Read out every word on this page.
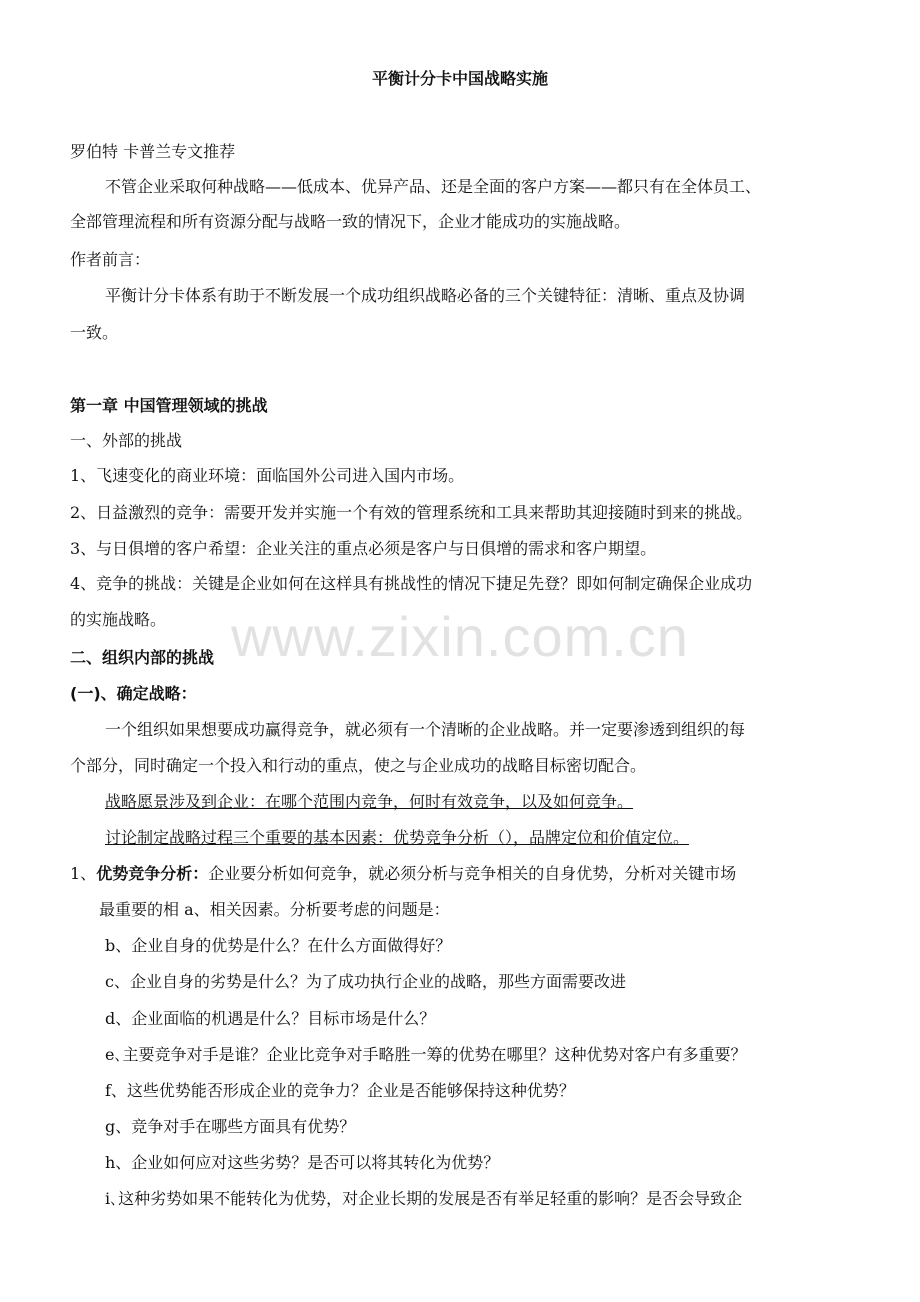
平衡计分卡中国战略实施
罗伯特 卡普兰专文推荐
不管企业采取何种战略——低成本、优异产品、还是全面的客户方案——都只有在全体员工、
全部管理流程和所有资源分配与战略一致的情况下，企业才能成功的实施战略。
作者前言：
平衡计分卡体系有助于不断发展一个成功组织战略必备的三个关键特征：清晰、重点及协调
一致。
第一章 中国管理领域的挑战
一、外部的挑战
1、飞速变化的商业环境：面临国外公司进入国内市场。
2、日益激烈的竞争：需要开发并实施一个有效的管理系统和工具来帮助其迎接随时到来的挑战。
3、与日俱增的客户希望：企业关注的重点必须是客户与日俱增的需求和客户期望。
4、竞争的挑战：关键是企业如何在这样具有挑战性的情况下捷足先登？即如何制定确保企业成功
的实施战略。
二、组织内部的挑战
(一)、确定战略：
一个组织如果想要成功赢得竞争，就必须有一个清晰的企业战略。并一定要渗透到组织的每
个部分，同时确定一个投入和行动的重点，使之与企业成功的战略目标密切配合。
战略愿景涉及到企业：在哪个范围内竞争，何时有效竞争，以及如何竞争。
讨论制定战略过程三个重要的基本因素：优势竞争分析（），品牌定位和价值定位。
1、优势竞争分析：企业要分析如何竞争，就必须分析与竞争相关的自身优势，分析对关键市场
最重要的相 a、相关因素。分析要考虑的问题是：
b、企业自身的优势是什么？在什么方面做得好？
c、企业自身的劣势是什么？为了成功执行企业的战略，那些方面需要改进
d、企业面临的机遇是什么？目标市场是什么？
e､主要竞争对手是谁？企业比竞争对手略胜一筹的优势在哪里？这种优势对客户有多重要？
f、这些优势能否形成企业的竞争力？企业是否能够保持这种优势？
g、竞争对手在哪些方面具有优势？
h、企业如何应对这些劣势？是否可以将其转化为优势？
i､这种劣势如果不能转化为优势，对企业长期的发展是否有举足轻重的影响？是否会导致企
www.zixin.com.cn
